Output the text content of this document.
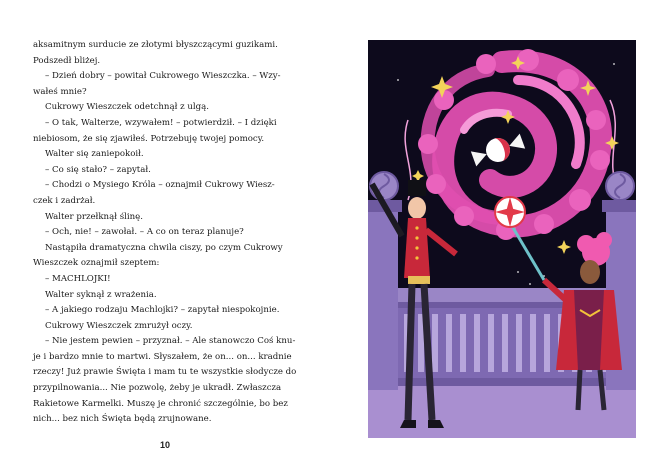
aksamitnym surducie ze złotymi błyszczącymi guzikami.

Podszedł bliżej.

– Dzień dobry – powitał Cukrowego Wieszczka. – Wzy-

wałeś mnie?

Cukrowy Wieszczek odetchnął z ulgą.

– O tak, Walterze, wzywałem! – potwierdził. – I dzięki

niebiosom, że się zjawiłeś. Potrzebuję twojej pomocy.

Walter się zaniepokoił.

– Co się stało? – zapytał.

– Chodzi o Mysiego Króla – oznajmił Cukrowy Wiesz-

czek i zadrżał.

Walter przełknął ślinę.

– Och, nie! – zawołał. – A co on teraz planuje?

Nastąpiła dramatyczna chwila ciszy, po czym Cukrowy

Wieszczek oznajmił szeptem:

– MACHLOJKI!

Walter syknął z wrażenia.

– A jakiego rodzaju Machlojki? – zapytał niespokojnie.

Cukrowy Wieszczek zmrużył oczy.

– Nie jestem pewien – przyznał. – Ale stanowczo Coś knu-

je i bardzo mnie to martwi. Słyszałem, że on... on... kradnie

rzeczy! Już prawie Święta i mam tu te wszystkie słodycze do

przypilnowania... Nie pozwolę, żeby je ukradł. Zwłaszcza

Rakietowe Karmelki. Muszę je chronić szczególnie, bo bez

nich... bez nich Święta będą zrujnowane.

10
